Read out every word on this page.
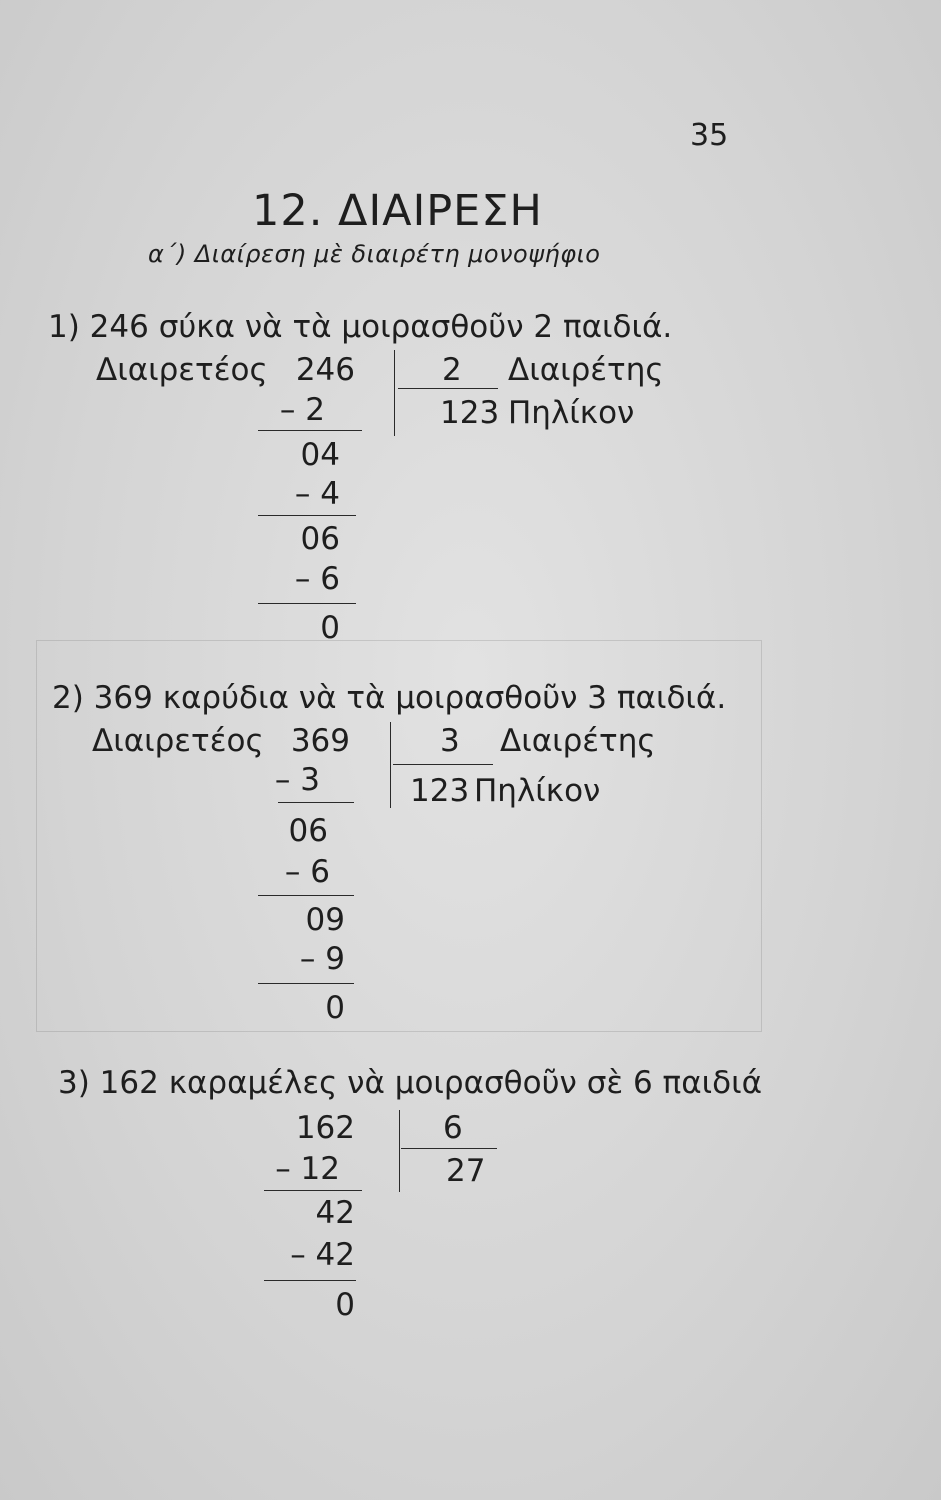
35
12. ΔΙΑΙΡΕΣΗ
α΄) Διαίρεση μὲ διαιρέτη μονοψήφιο
1) 246 σύκα νὰ τὰ μοιρασθοῦν 2 παιδιά.
Διαιρετέος 246	2 Διαιρέτης
123 Πηλίκον
– 2
04
– 4
06
– 6
0
2) 369 καρύδια νὰ τὰ μοιρασθοῦν 3 παιδιά.
Διαιρετέος 369	3 Διαιρέτης
123 Πηλίκον
– 3
06
– 6
09
– 9
0
3) 162 καραμέλες νὰ μοιρασθοῦν σὲ 6 παιδιά
162	6
27
– 12
42
– 42
0
